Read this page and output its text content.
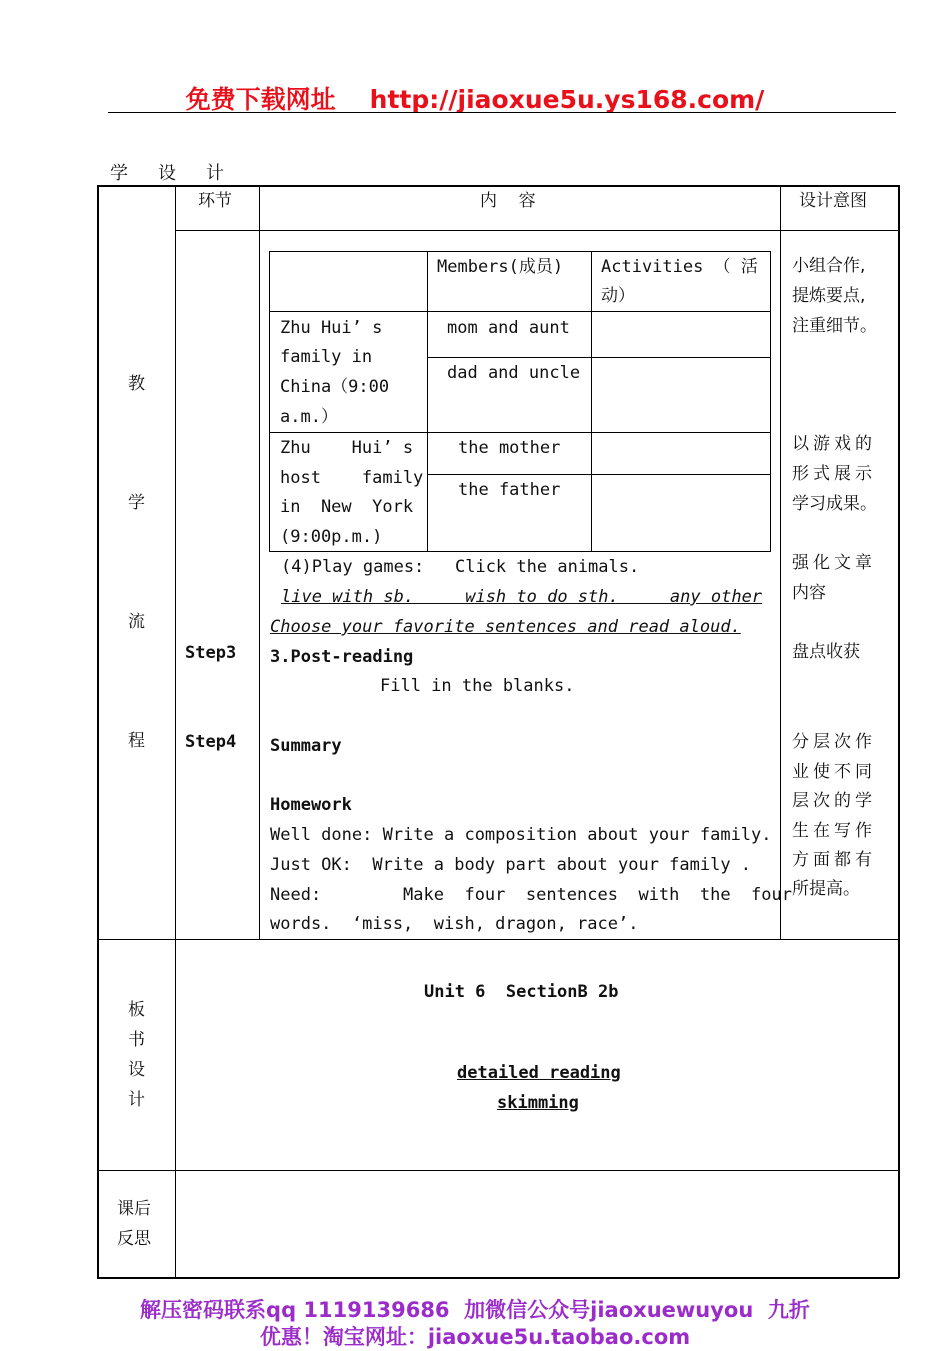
免费下载网址 http://jiaoxue5u.ys168.com/
学设计
环节	内    容	设计意图
教
学
流
程
Step3
Step4
Members(成员) Activities （ 活
动）
Zhu Hui’ s
family in
China（9:00
a.m.）
mom and aunt
dad and uncle
Zhu    Hui’ s
host    family
in  New  York
(9:00p.m.)
the mother
the father
(4)Play games:   Click the animals.
live with sb.     wish to do sth.     any other
Choose your favorite sentences and read aloud.
3.Post-reading
Fill in the blanks.
Summary
Homework
Well done: Write a composition about your family.
Just OK:  Write a body part about your family .
Need:        Make  four  sentences  with  the  four
words.  ‘miss,  wish, dragon, race’.
小组合作,
提炼要点,
注重细节。
以游戏的
形式展示
学习成果。
强化文章
内容
盘点收获
分层次作
业使不同
层次的学
生在写作
方面都有
所提高。
板
书
设
计
Unit 6  SectionB 2b
detailed reading
skimming
课后
反思
解压密码联系qq 1119139686  加微信公众号jiaoxuewuyou  九折
优惠！淘宝网址：jiaoxue5u.taobao.com
